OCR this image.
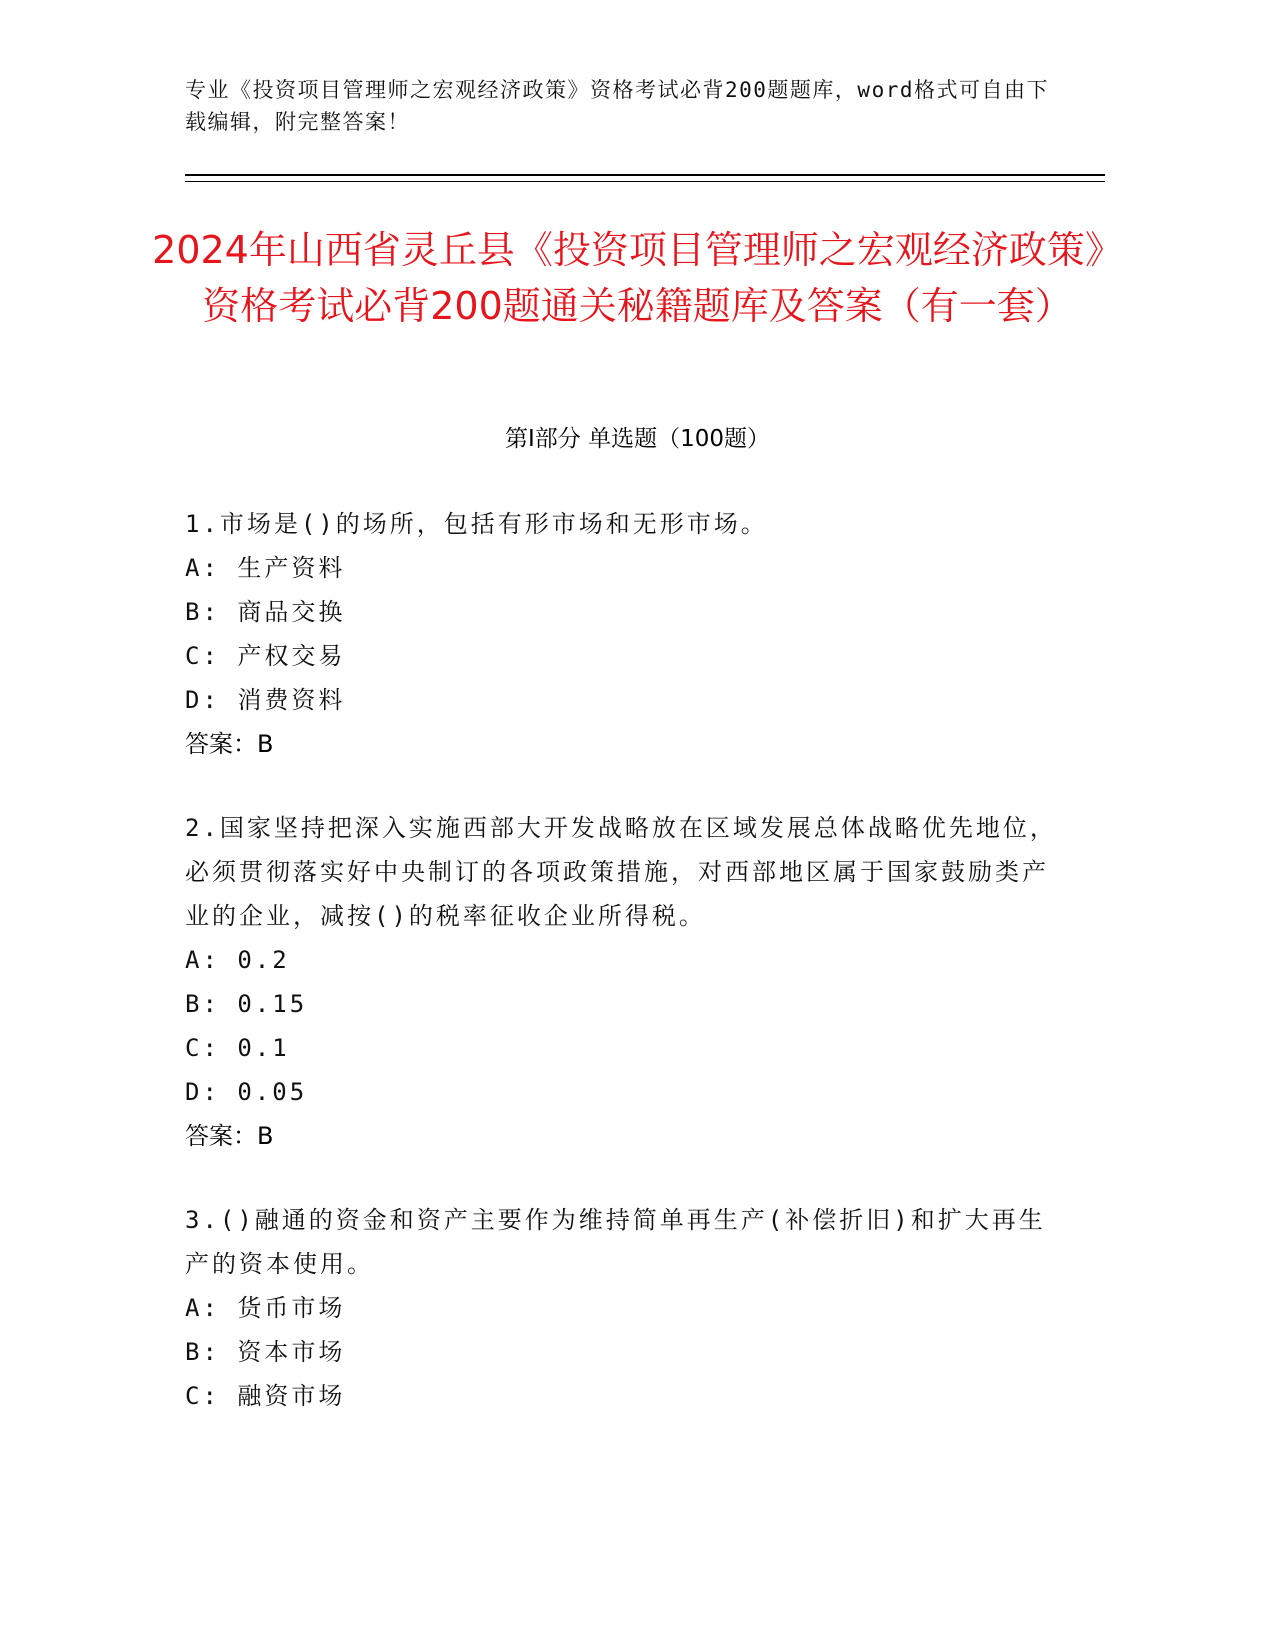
专业《投资项目管理师之宏观经济政策》资格考试必背200题题库，word格式可自由下载编辑，附完整答案！
2024年山西省灵丘县《投资项目管理师之宏观经济政策》资格考试必背200题通关秘籍题库及答案（有一套）
第I部分 单选题（100题）
1.市场是()的场所，包括有形市场和无形市场。
A: 生产资料
B: 商品交换
C: 产权交易
D: 消费资料
答案：B
2.国家坚持把深入实施西部大开发战略放在区域发展总体战略优先地位，必须贯彻落实好中央制订的各项政策措施，对西部地区属于国家鼓励类产业的企业，减按()的税率征收企业所得税。
A: 0.2
B: 0.15
C: 0.1
D: 0.05
答案：B
3.()融通的资金和资产主要作为维持简单再生产(补偿折旧)和扩大再生产的资本使用。
A: 货币市场
B: 资本市场
C: 融资市场
